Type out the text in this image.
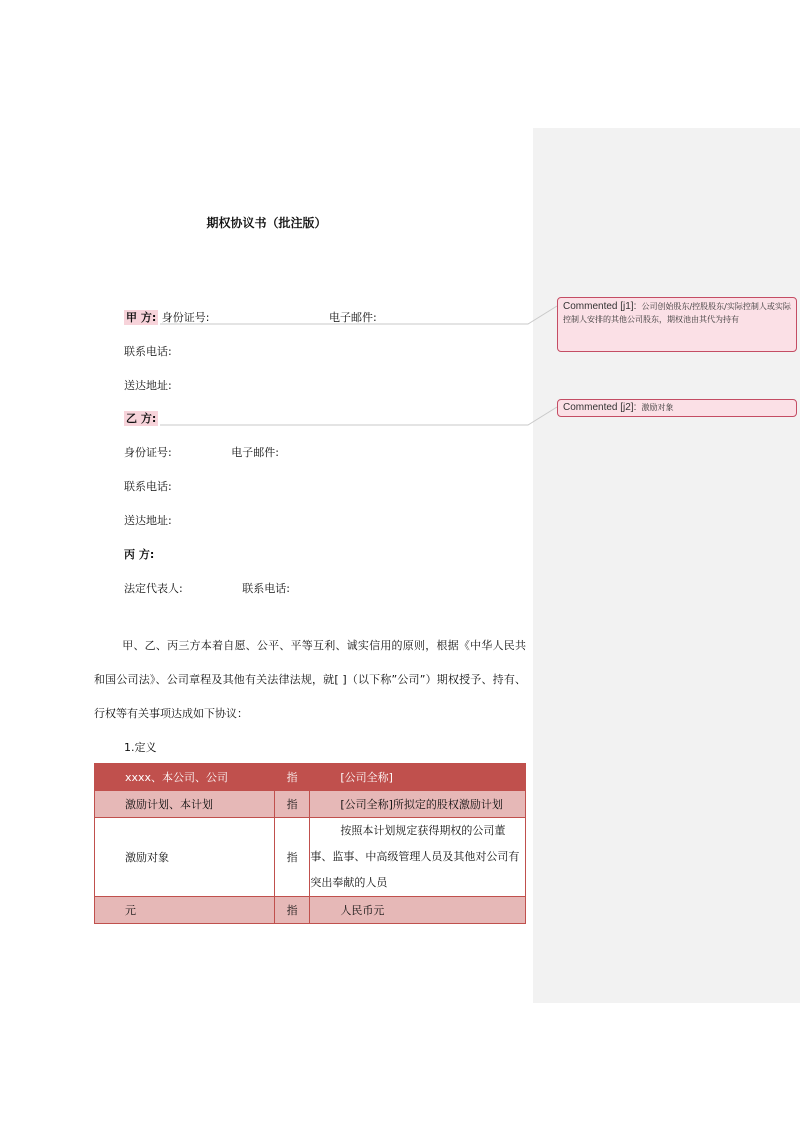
期权协议书（批注版）
甲 方: 身份证号:	电子邮件:
联系电话:
送达地址:
乙 方:
身份证号:	电子邮件:
联系电话:
送达地址:
丙 方:
法定代表人:	联系电话:
甲、乙、丙三方本着自愿、公平、平等互利、诚实信用的原则，根据《中华人民共和国公司法》、公司章程及其他有关法律法规，就[ ]（以下称”公司”）期权授予、持有、行权等有关事项达成如下协议：
1.定义
xxxx、本公司、公司	指	[公司全称]
激励计划、本计划	指	[公司全称]所拟定的股权激励计划
激励对象	指	按照本计划规定获得期权的公司董
事、监事、中高级管理人员及其他对公司有
突出奉献的人员

元	指	人民币元
Commented [j1]: 公司创始股东/控股股东/实际控制人或实际控制人安排的其他公司股东，期权池由其代为持有
Commented [j2]: 激励对象
